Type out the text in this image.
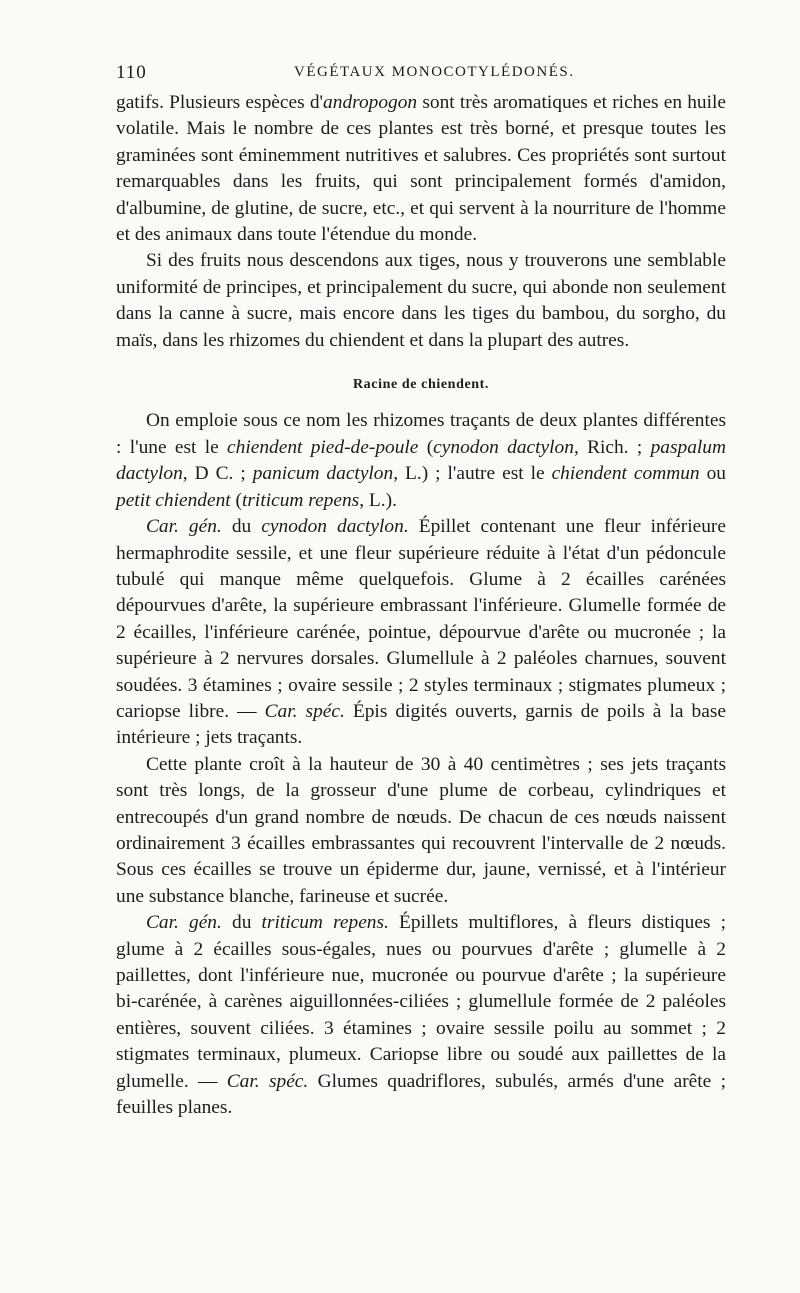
110	VÉGÉTAUX MONOCOTYLÉDONÉS.

gatifs. Plusieurs espèces d'andropogon sont très aromatiques et riches en huile volatile. Mais le nombre de ces plantes est très borné, et presque toutes les graminées sont éminemment nutritives et salubres. Ces propriétés sont surtout remarquables dans les fruits, qui sont principalement formés d'amidon, d'albumine, de glutine, de sucre, etc., et qui servent à la nourriture de l'homme et des animaux dans toute l'étendue du monde.

Si des fruits nous descendons aux tiges, nous y trouverons une semblable uniformité de principes, et principalement du sucre, qui abonde non seulement dans la canne à sucre, mais encore dans les tiges du bambou, du sorgho, du maïs, dans les rhizomes du chiendent et dans la plupart des autres.

Racine de chiendent.

On emploie sous ce nom les rhizomes traçants de deux plantes différentes : l'une est le chiendent pied-de-poule (cynodon dactylon, Rich. ; paspalum dactylon, D C. ; panicum dactylon, L.) ; l'autre est le chiendent commun ou petit chiendent (triticum repens, L.).

Car. gén. du cynodon dactylon. Épillet contenant une fleur inférieure hermaphrodite sessile, et une fleur supérieure réduite à l'état d'un pédoncule tubulé qui manque même quelquefois. Glume à 2 écailles carénées dépourvues d'arête, la supérieure embrassant l'inférieure. Glumelle formée de 2 écailles, l'inférieure carénée, pointue, dépourvue d'arête ou mucronée ; la supérieure à 2 nervures dorsales. Glumellule à 2 paléoles charnues, souvent soudées. 3 étamines ; ovaire sessile ; 2 styles terminaux ; stigmates plumeux ; cariopse libre. — Car. spéc. Épis digités ouverts, garnis de poils à la base intérieure ; jets traçants.

Cette plante croît à la hauteur de 30 à 40 centimètres ; ses jets traçants sont très longs, de la grosseur d'une plume de corbeau, cylindriques et entrecoupés d'un grand nombre de nœuds. De chacun de ces nœuds naissent ordinairement 3 écailles embrassantes qui recouvrent l'intervalle de 2 nœuds. Sous ces écailles se trouve un épiderme dur, jaune, vernissé, et à l'intérieur une substance blanche, farineuse et sucrée.

Car. gén. du triticum repens. Épillets multiflores, à fleurs distiques ; glume à 2 écailles sous-égales, nues ou pourvues d'arête ; glumelle à 2 paillettes, dont l'inférieure nue, mucronée ou pourvue d'arête ; la supérieure bi-carénée, à carènes aiguillonnées-ciliées ; glumellule formée de 2 paléoles entières, souvent ciliées. 3 étamines ; ovaire sessile poilu au sommet ; 2 stigmates terminaux, plumeux. Cariopse libre ou soudé aux paillettes de la glumelle. — Car. spéc. Glumes quadriflores, subulés, armés d'une arête ; feuilles planes.
